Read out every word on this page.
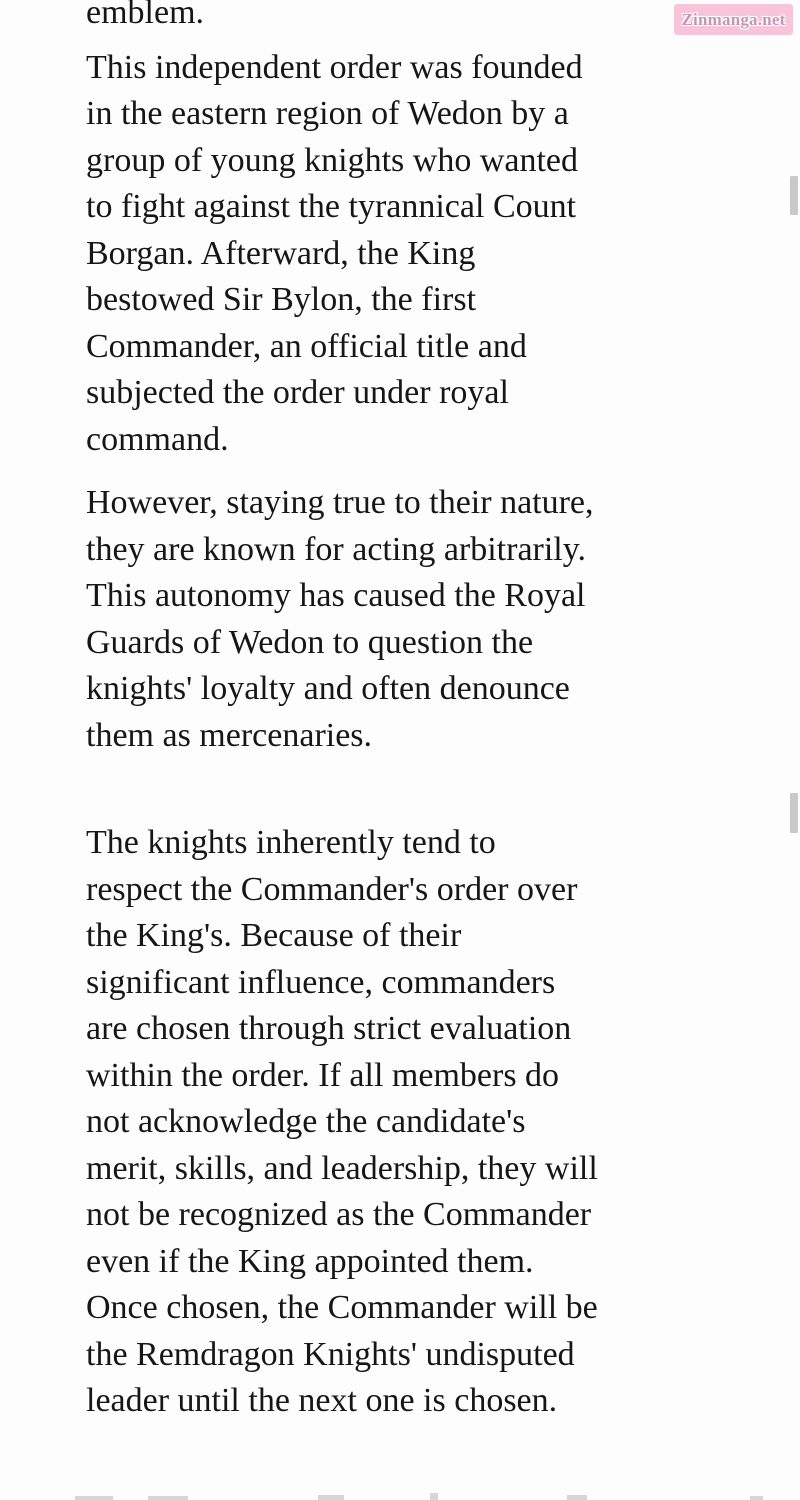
emblem.

This independent order was founded
in the eastern region of Wedon by a
group of young knights who wanted
to fight against the tyrannical Count
Borgan. Afterward, the King
bestowed Sir Bylon, the first
Commander, an official title and
subjected the order under royal
command.

However, staying true to their nature,
they are known for acting arbitrarily.
This autonomy has caused the Royal
Guards of Wedon to question the
knights' loyalty and often denounce
them as mercenaries.

The knights inherently tend to
respect the Commander's order over
the King's. Because of their
significant influence, commanders
are chosen through strict evaluation
within the order. If all members do
not acknowledge the candidate's
merit, skills, and leadership, they will
not be recognized as the Commander
even if the King appointed them.
Once chosen, the Commander will be
the Remdragon Knights' undisputed
leader until the next one is chosen.

Zinmanga.net
